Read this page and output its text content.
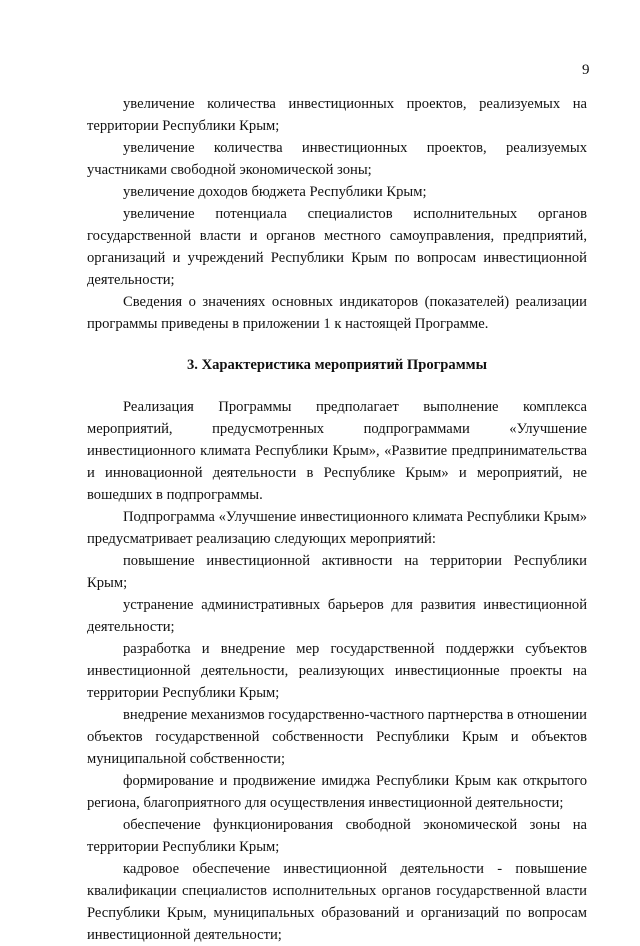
9

увеличение количества инвестиционных проектов, реализуемых на территории Республики Крым;

увеличение количества инвестиционных проектов, реализуемых участниками свободной экономической зоны;

увеличение доходов бюджета Республики Крым;

увеличение потенциала специалистов исполнительных органов государственной власти и органов местного самоуправления, предприятий, организаций и учреждений Республики Крым по вопросам инвестиционной деятельности;

Сведения о значениях основных индикаторов (показателей) реализации программы приведены в приложении 1 к настоящей Программе.

3. Характеристика мероприятий Программы

Реализация Программы предполагает выполнение комплекса мероприятий, предусмотренных подпрограммами «Улучшение инвестиционного климата Республики Крым», «Развитие предпринимательства и инновационной деятельности в Республике Крым» и мероприятий, не вошедших в подпрограммы.

Подпрограмма «Улучшение инвестиционного климата Республики Крым» предусматривает реализацию следующих мероприятий:

повышение инвестиционной активности на территории Республики Крым;

устранение административных барьеров для развития инвестиционной деятельности;

разработка и внедрение мер государственной поддержки субъектов инвестиционной деятельности, реализующих инвестиционные проекты на территории Республики Крым;

внедрение механизмов государственно-частного партнерства в отношении объектов государственной собственности Республики Крым и объектов муниципальной собственности;

формирование и продвижение имиджа Республики Крым как открытого региона, благоприятного для осуществления инвестиционной деятельности;

обеспечение функционирования свободной экономической зоны на территории Республики Крым;

кадровое обеспечение инвестиционной деятельности - повышение квалификации специалистов исполнительных органов государственной власти Республики Крым, муниципальных образований и организаций по вопросам инвестиционной деятельности;
